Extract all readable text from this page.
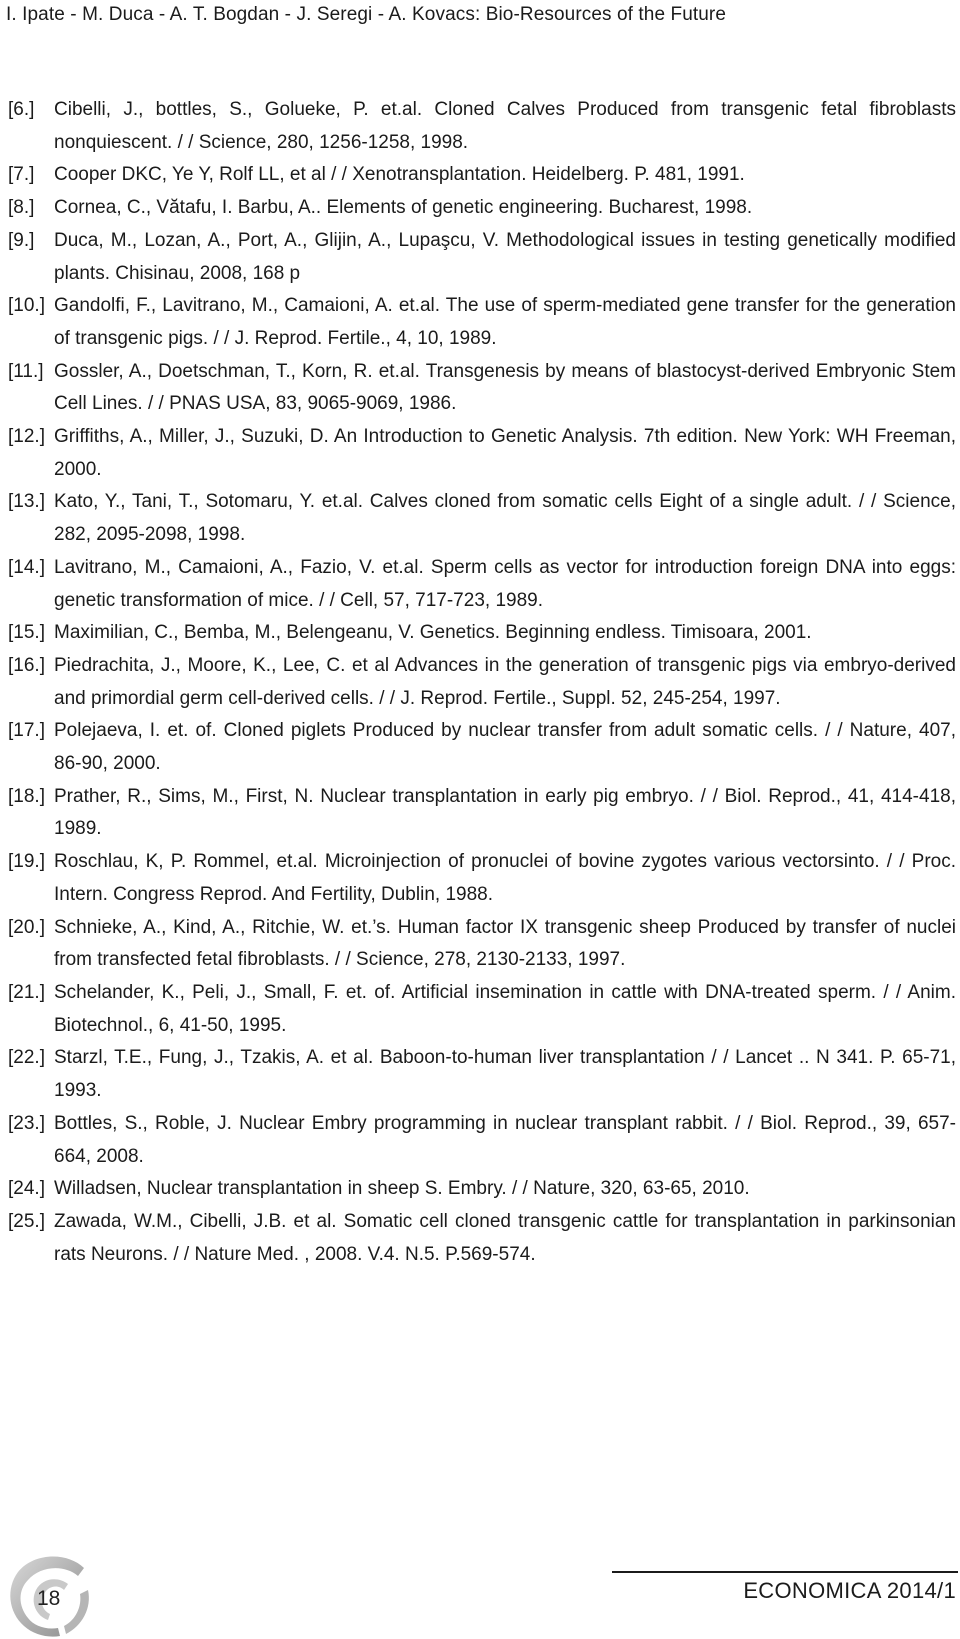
I. Ipate - M. Duca - A. T. Bogdan - J. Seregi - A. Kovacs: Bio-Resources of the Future
[6.]	Cibelli, J., bottles, S., Golueke, P. et.al. Cloned Calves Produced from transgenic fetal fibroblasts nonquiescent. / / Science, 280, 1256-1258, 1998.
[7.]	Cooper DKC, Ye Y, Rolf LL, et al / / Xenotransplantation. Heidelberg. P. 481, 1991.
[8.]	Cornea, C., Vătafu, I. Barbu, A.. Elements of genetic engineering. Bucharest, 1998.
[9.]	Duca, M., Lozan, A., Port, A., Glijin, A., Lupaşcu, V. Methodological issues in testing genetically modified plants. Chisinau, 2008, 168 p
[10.] Gandolfi, F., Lavitrano, M., Camaioni, A. et.al. The use of sperm-mediated gene transfer for the generation of transgenic pigs. / / J. Reprod. Fertile., 4, 10, 1989.
[11.] Gossler, A., Doetschman, T., Korn, R. et.al. Transgenesis by means of blastocyst-derived Embryonic Stem Cell Lines. / / PNAS USA, 83, 9065-9069, 1986.
[12.] Griffiths, A., Miller, J., Suzuki, D. An Introduction to Genetic Analysis. 7th edition. New York: WH Freeman, 2000.
[13.] Kato, Y., Tani, T., Sotomaru, Y. et.al. Calves cloned from somatic cells Eight of a single adult. / / Science, 282, 2095-2098, 1998.
[14.] Lavitrano, M., Camaioni, A., Fazio, V. et.al. Sperm cells as vector for introduction foreign DNA into eggs: genetic transformation of mice. / / Cell, 57, 717-723, 1989.
[15.] Maximilian, C., Bemba, M., Belengeanu, V. Genetics. Beginning endless. Timisoara, 2001.
[16.] Piedrachita, J., Moore, K., Lee, C. et al Advances in the generation of transgenic pigs via embryo-derived and primordial germ cell-derived cells. / / J. Reprod. Fertile., Suppl. 52, 245-254, 1997.
[17.] Polejaeva, I. et. of. Cloned piglets Produced by nuclear transfer from adult somatic cells. / / Nature, 407, 86-90, 2000.
[18.] Prather, R., Sims, M., First, N. Nuclear transplantation in early pig embryo. / / Biol. Reprod., 41, 414-418, 1989.
[19.] Roschlau, K, P. Rommel, et.al. Microinjection of pronuclei of bovine zygotes various vectorsinto. / / Proc. Intern. Congress Reprod. And Fertility, Dublin, 1988.
[20.] Schnieke, A., Kind, A., Ritchie, W. et.’s. Human factor IX transgenic sheep Produced by transfer of nuclei from transfected fetal fibroblasts. / / Science, 278, 2130-2133, 1997.
[21.] Schelander, K., Peli, J., Small, F. et. of. Artificial insemination in cattle with DNA-treated sperm. / / Anim. Biotechnol., 6, 41-50, 1995.
[22.] Starzl, T.E., Fung, J., Tzakis, A. et al. Baboon-to-human liver transplantation / / Lancet .. N 341. P. 65-71, 1993.
[23.] Bottles, S., Roble, J. Nuclear Embry programming in nuclear transplant rabbit. / / Biol. Reprod., 39, 657-664, 2008.
[24.] Willadsen, Nuclear transplantation in sheep S. Embry. / / Nature, 320, 63-65, 2010.
[25.] Zawada, W.M., Cibelli, J.B. et al. Somatic cell cloned transgenic cattle for transplantation in parkinsonian rats Neurons. / / Nature Med. , 2008. V.4. N.5. P.569-574.
18	ECONOMICA 2014/1
